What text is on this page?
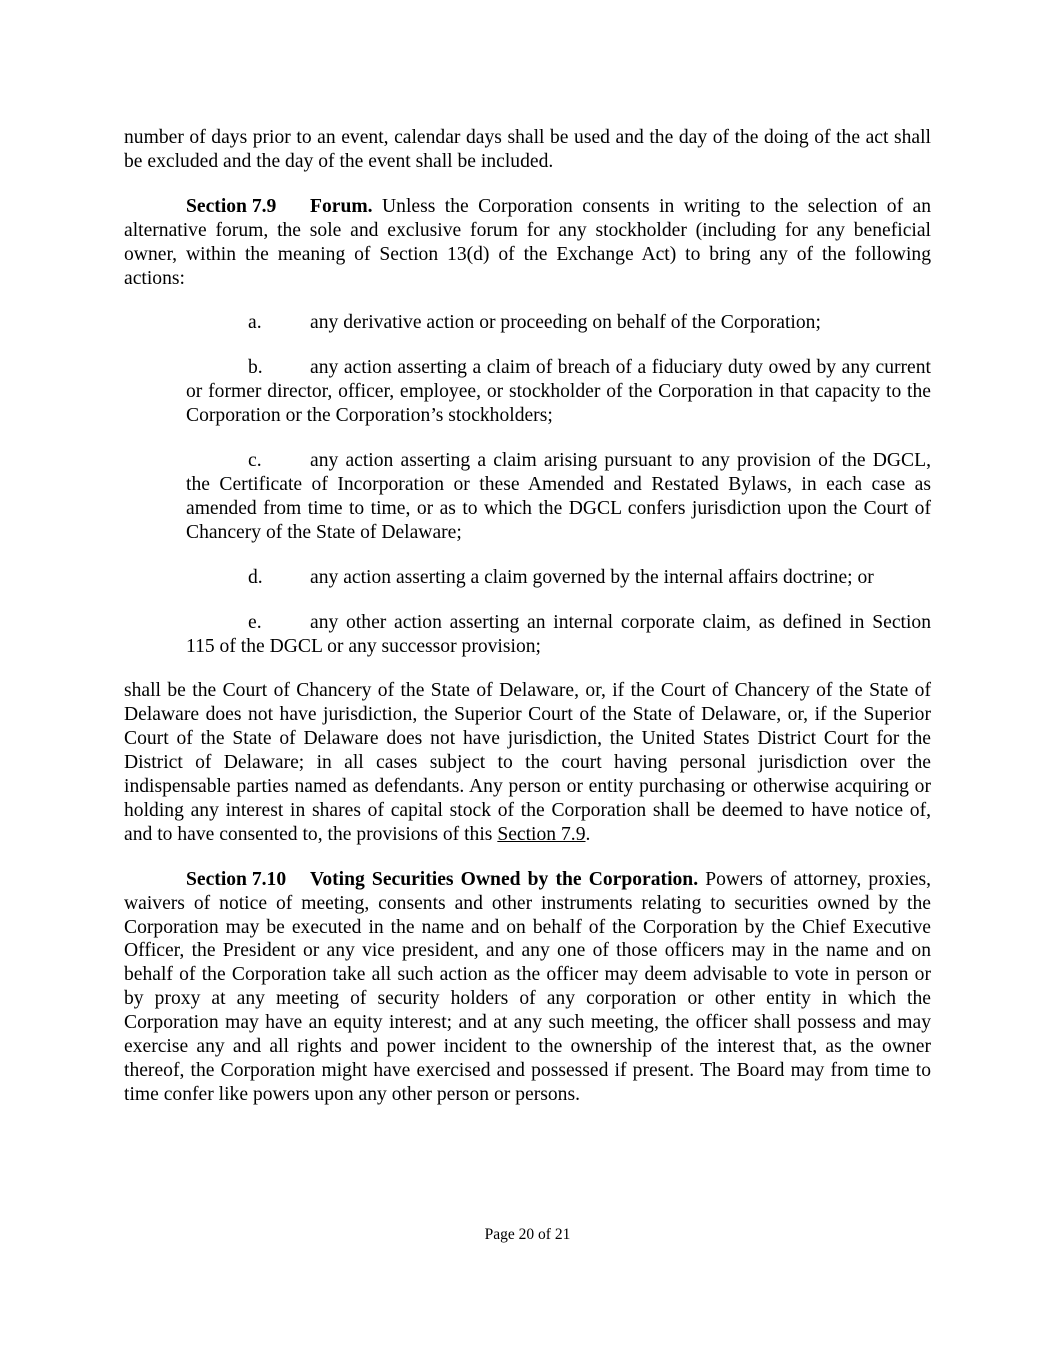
number of days prior to an event, calendar days shall be used and the day of the doing of the act shall be excluded and the day of the event shall be included.

Section 7.9 Forum. Unless the Corporation consents in writing to the selection of an alternative forum, the sole and exclusive forum for any stockholder (including for any beneficial owner, within the meaning of Section 13(d) of the Exchange Act) to bring any of the following actions:

a. any derivative action or proceeding on behalf of the Corporation;

b. any action asserting a claim of breach of a fiduciary duty owed by any current or former director, officer, employee, or stockholder of the Corporation in that capacity to the Corporation or the Corporation’s stockholders;

c. any action asserting a claim arising pursuant to any provision of the DGCL, the Certificate of Incorporation or these Amended and Restated Bylaws, in each case as amended from time to time, or as to which the DGCL confers jurisdiction upon the Court of Chancery of the State of Delaware;

d. any action asserting a claim governed by the internal affairs doctrine; or

e. any other action asserting an internal corporate claim, as defined in Section 115 of the DGCL or any successor provision;

shall be the Court of Chancery of the State of Delaware, or, if the Court of Chancery of the State of Delaware does not have jurisdiction, the Superior Court of the State of Delaware, or, if the Superior Court of the State of Delaware does not have jurisdiction, the United States District Court for the District of Delaware; in all cases subject to the court having personal jurisdiction over the indispensable parties named as defendants. Any person or entity purchasing or otherwise acquiring or holding any interest in shares of capital stock of the Corporation shall be deemed to have notice of, and to have consented to, the provisions of this Section 7.9.

Section 7.10 Voting Securities Owned by the Corporation. Powers of attorney, proxies, waivers of notice of meeting, consents and other instruments relating to securities owned by the Corporation may be executed in the name and on behalf of the Corporation by the Chief Executive Officer, the President or any vice president, and any one of those officers may in the name and on behalf of the Corporation take all such action as the officer may deem advisable to vote in person or by proxy at any meeting of security holders of any corporation or other entity in which the Corporation may have an equity interest; and at any such meeting, the officer shall possess and may exercise any and all rights and power incident to the ownership of the interest that, as the owner thereof, the Corporation might have exercised and possessed if present. The Board may from time to time confer like powers upon any other person or persons.

Page 20 of 21
